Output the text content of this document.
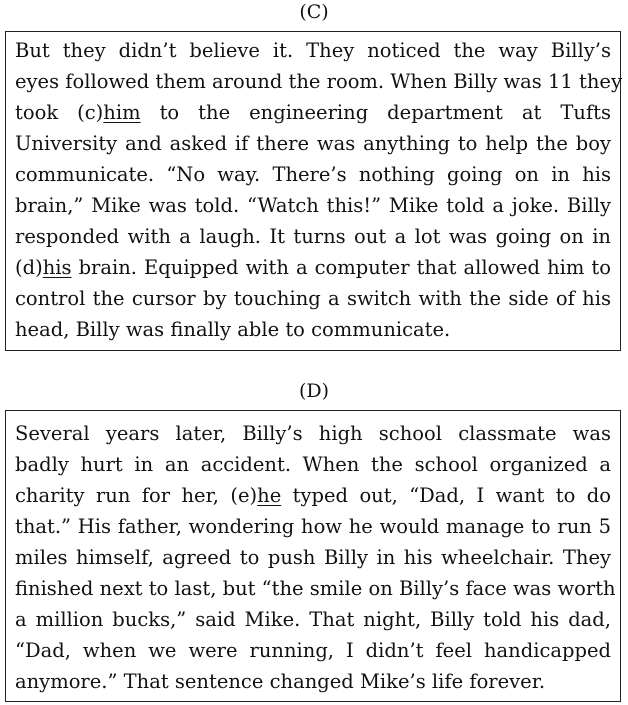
(C)
But they didn’t believe it. They noticed the way Billy’s
eyes followed them around the room. When Billy was 11 they
took (c)him to the engineering department at Tufts
University and asked if there was anything to help the boy
communicate. “No way. There’s nothing going on in his
brain,” Mike was told. “Watch this!” Mike told a joke. Billy
responded with a laugh. It turns out a lot was going on in
(d)his brain. Equipped with a computer that allowed him to
control the cursor by touching a switch with the side of his
head, Billy was finally able to communicate.
(D)
Several years later, Billy’s high school classmate was
badly hurt in an accident. When the school organized a
charity run for her, (e)he typed out, “Dad, I want to do
that.” His father, wondering how he would manage to run 5
miles himself, agreed to push Billy in his wheelchair. They
finished next to last, but “the smile on Billy’s face was worth
a million bucks,” said Mike. That night, Billy told his dad,
“Dad, when we were running, I didn’t feel handicapped
anymore.” That sentence changed Mike’s life forever.
